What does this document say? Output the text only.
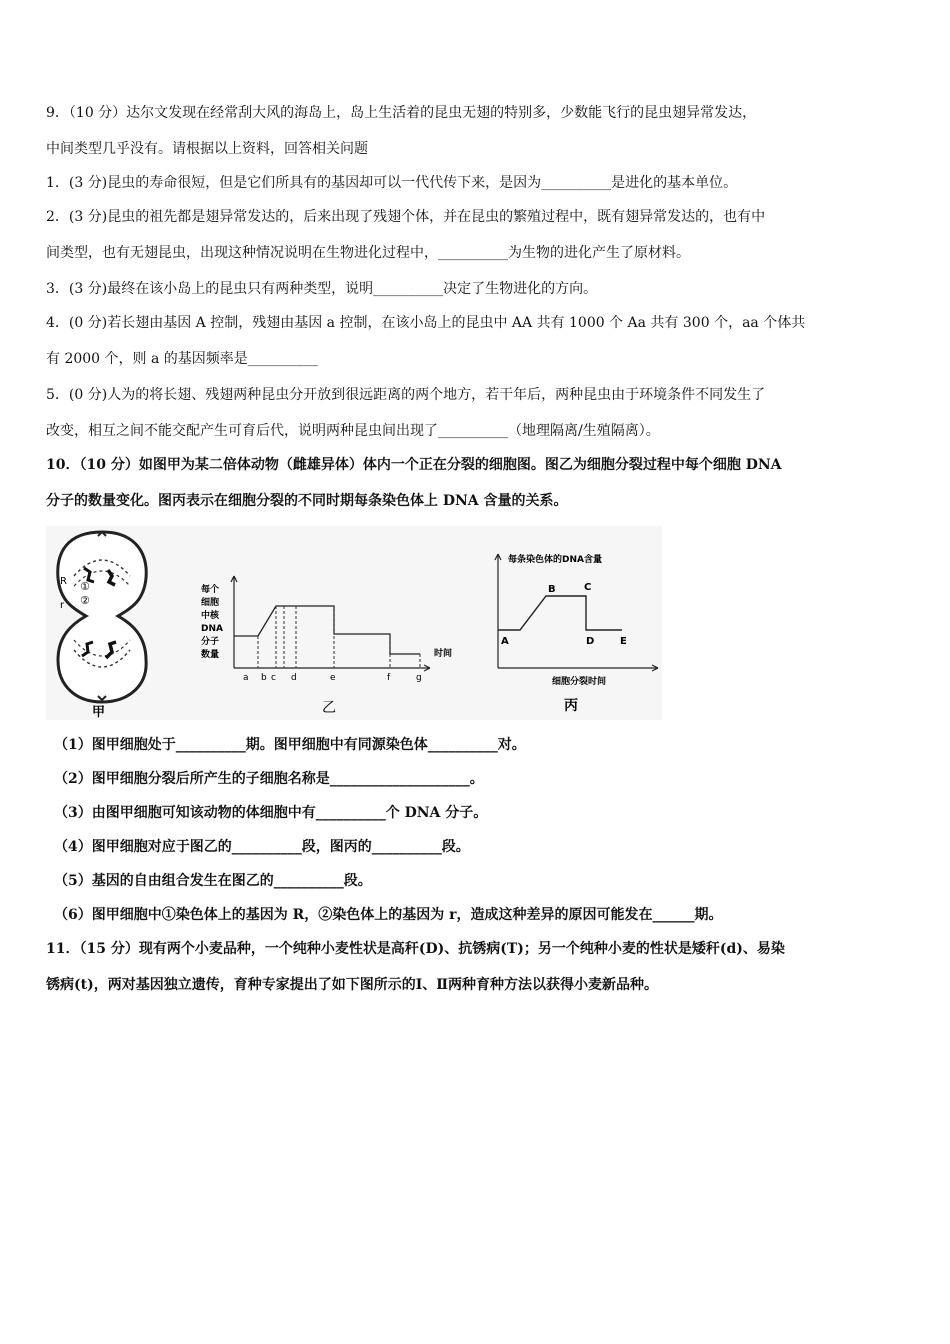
9．（10 分）达尔文发现在经常刮大风的海岛上，岛上生活着的昆虫无翅的特别多，少数能飞行的昆虫翅异常发达，
中间类型几乎没有。请根据以上资料，回答相关问题
1．(3 分)昆虫的寿命很短，但是它们所具有的基因却可以一代代传下来，是因为__________是进化的基本单位。
2．(3 分)昆虫的祖先都是翅异常发达的，后来出现了残翅个体，并在昆虫的繁殖过程中，既有翅异常发达的，也有中
间类型，也有无翅昆虫，出现这种情况说明在生物进化过程中，__________为生物的进化产生了原材料。
3．(3 分)最终在该小岛上的昆虫只有两种类型，说明__________决定了生物进化的方向。
4．(0 分)若长翅由基因 A 控制，残翅由基因 a 控制，在该小岛上的昆虫中 AA 共有 1000 个 Aa 共有 300 个，aa 个体共
有 2000 个，则 a 的基因频率是__________
5．(0 分)人为的将长翅、残翅两种昆虫分开放到很远距离的两个地方，若干年后，两种昆虫由于环境条件不同发生了
改变，相互之间不能交配产生可育后代，说明两种昆虫间出现了__________（地理隔离/生殖隔离）。
10．（10 分）如图甲为某二倍体动物（雌雄异体）体内一个正在分裂的细胞图。图乙为细胞分裂过程中每个细胞 DNA
分子的数量变化。图丙表示在细胞分裂的不同时期每条染色体上 DNA 含量的关系。
R
r
①
②
甲
每个
细胞
中核
DNA
分子
数量
a b c d	e	f	g
时间
乙
每条染色体的DNA含量
A
B	C
D	E
细胞分裂时间
丙
（1）图甲细胞处于__________期。图甲细胞中有同源染色体__________对。
（2）图甲细胞分裂后所产生的子细胞名称是____________________。
（3）由图甲细胞可知该动物的体细胞中有__________个 DNA 分子。
（4）图甲细胞对应于图乙的__________段，图丙的__________段。
（5）基因的自由组合发生在图乙的__________段。
（6）图甲细胞中①染色体上的基因为 R，②染色体上的基因为 r，造成这种差异的原因可能发在______期。
11．（15 分）现有两个小麦品种，一个纯种小麦性状是高秆(D)、抗锈病(T)；另一个纯种小麦的性状是矮秆(d)、易染
锈病(t)，两对基因独立遗传，育种专家提出了如下图所示的Ⅰ、Ⅱ两种育种方法以获得小麦新品种。
